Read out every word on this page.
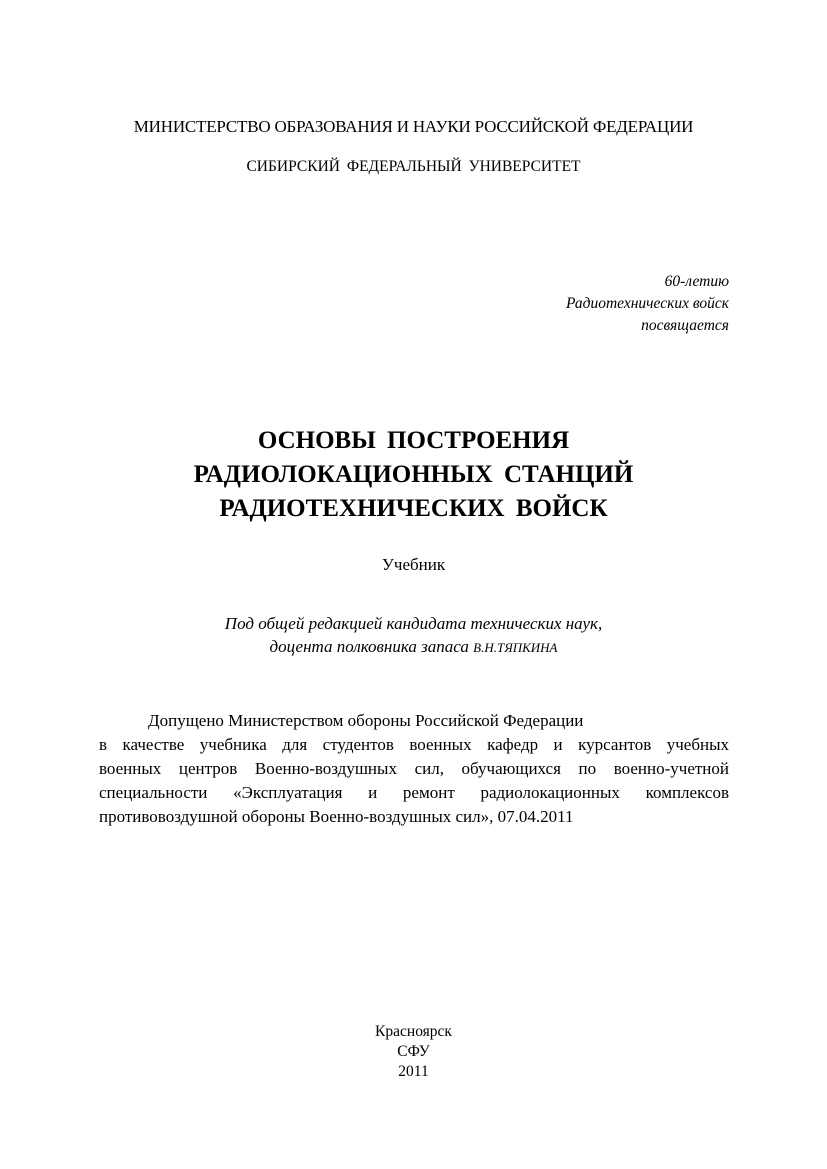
МИНИСТЕРСТВО ОБРАЗОВАНИЯ И НАУКИ РОССИЙСКОЙ ФЕДЕРАЦИИ

СИБИРСКИЙ ФЕДЕРАЛЬНЫЙ УНИВЕРСИТЕТ

60-летию
Радиотехнических войск
посвящается
ОСНОВЫ ПОСТРОЕНИЯ
РАДИОЛОКАЦИОННЫХ СТАНЦИЙ
РАДИОТЕХНИЧЕСКИХ ВОЙСК

Учебник

Под общей редакцией кандидата технических наук,
доцента полковника запаса В.Н.ТЯПКИНА
Допущено Министерством обороны Российской Федерации
в качестве учебника для студентов военных кафедр и курсантов учебных
военных центров Военно-воздушных сил, обучающихся по военно-учетной
специальности «Эксплуатация и ремонт радиолокационных комплексов
противовоздушной обороны Военно-воздушных сил», 07.04.2011
Красноярск
СФУ
2011
